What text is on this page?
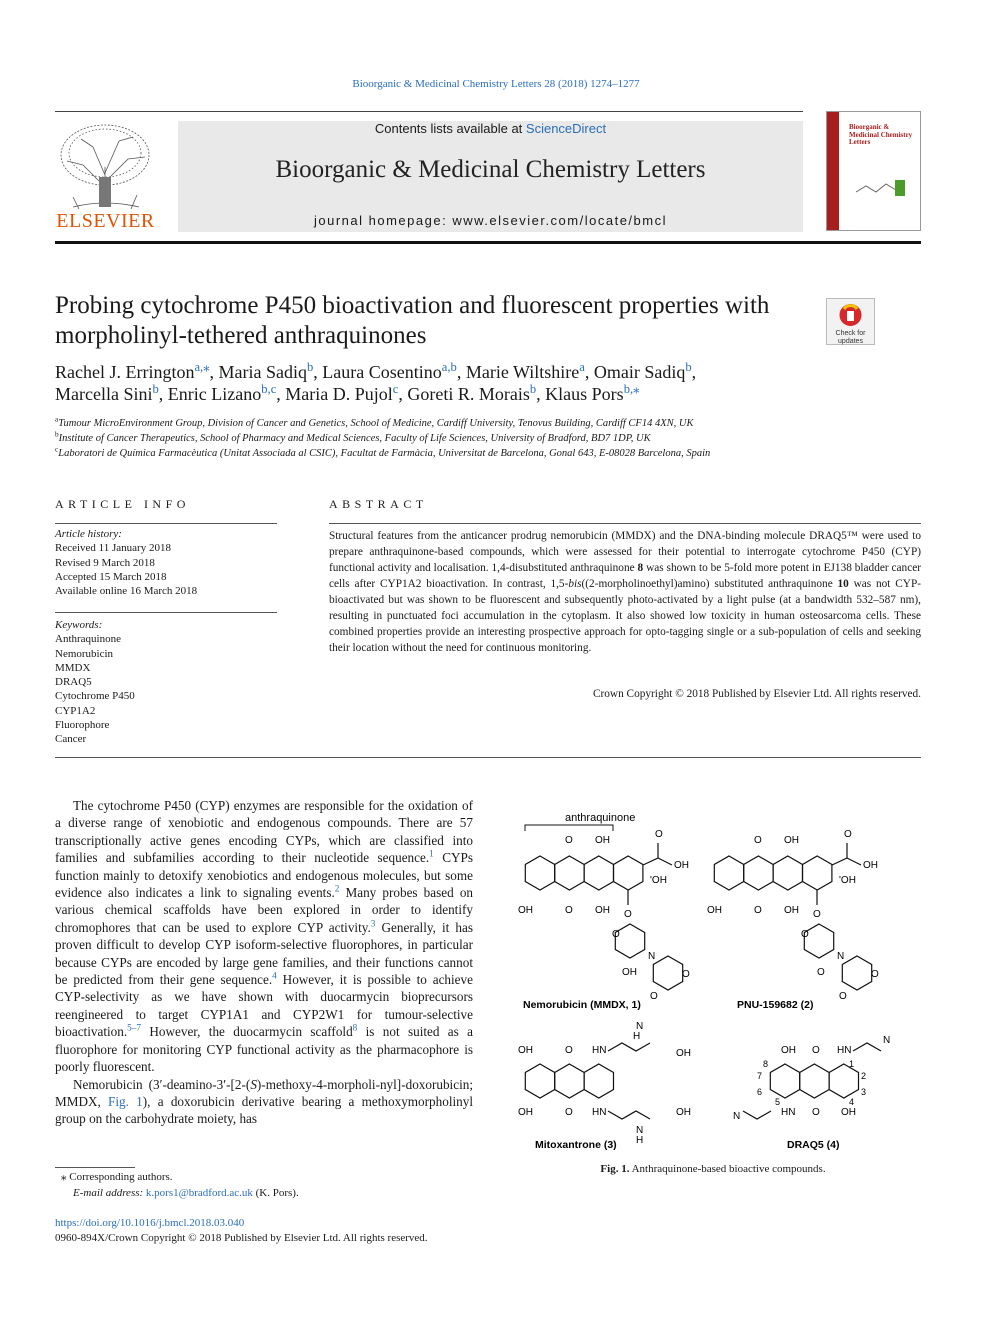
Bioorganic & Medicinal Chemistry Letters 28 (2018) 1274–1277
Contents lists available at ScienceDirect
Bioorganic & Medicinal Chemistry Letters
journal homepage: www.elsevier.com/locate/bmcl
ELSEVIER
Bioorganic & Medicinal Chemistry Letters
Probing cytochrome P450 bioactivation and fluorescent properties with morpholinyl-tethered anthraquinones	Check for
updates
Rachel J. Errington$^{a,⁎}$, Maria Sadiq$^b$, Laura Cosentino$^{a,b}$, Marie Wiltshire$^a$, Omair Sadiq$^b$,
Marcella Sini$^b$, Enric Lizano$^{b,c}$, Maria D. Pujol$^c$, Goreti R. Morais$^b$, Klaus Pors$^{b,⁎}$
$^a$Tumour MicroEnvironment Group, Division of Cancer and Genetics, School of Medicine, Cardiff University, Tenovus Building, Cardiff CF14 4XN, UK
$^b$Institute of Cancer Therapeutics, School of Pharmacy and Medical Sciences, Faculty of Life Sciences, University of Bradford, BD7 1DP, UK
$^c$Laboratori de Química Farmacèutica (Unitat Associada al CSIC), Facultat de Farmàcia, Universitat de Barcelona, Gonal 643, E-08028 Barcelona, Spain
ARTICLE INFO	ABSTRACT
Article history:
Received 11 January 2018
Revised 9 March 2018
Accepted 15 March 2018
Available online 16 March 2018
Keywords:
Anthraquinone
Nemorubicin
MMDX
DRAQ5
Cytochrome P450
CYP1A2
Fluorophore
Cancer
Structural features from the anticancer prodrug nemorubicin (MMDX) and the DNA-binding molecule DRAQ5™ were used to prepare anthraquinone-based compounds, which were assessed for their potential to interrogate cytochrome P450 (CYP) functional activity and localisation. 1,4-disubstituted anthraquinone 8 was shown to be 5-fold more potent in EJ138 bladder cancer cells after CYP1A2 bioactivation. In contrast, 1,5-bis((2-morpholinoethyl)amino) substituted anthraquinone 10 was not CYP-bioactivated but was shown to be fluorescent and subsequently photo-activated by a light pulse (at a bandwidth 532–587 nm), resulting in punctuated foci accumulation in the cytoplasm. It also showed low toxicity in human osteosarcoma cells. These combined properties provide an interesting prospective approach for opto-tagging single or a sub-population of cells and seeking their location without the need for continuous monitoring.
Crown Copyright © 2018 Published by Elsevier Ltd. All rights reserved.

The cytochrome P450 (CYP) enzymes are responsible for the oxidation of a diverse range of xenobiotic and endogenous compounds. There are 57 transcriptionally active genes encoding CYPs, which are classified into families and subfamilies according to their nucleotide sequence.$^1$ CYPs function mainly to detoxify xenobiotics and endogenous molecules, but some evidence also indicates a link to signaling events.$^2$ Many probes based on various chemical scaffolds have been explored in order to identify chromophores that can be used to explore CYP activity.$^3$ Generally, it has proven difficult to develop CYP isoform-selective fluorophores, in particular because CYPs are encoded by large gene families, and their functions cannot be predicted from their gene sequence.$^4$ However, it is possible to achieve CYP-selectivity as we have shown with duocarmycin bioprecursors reengineered to target CYP1A1 and CYP2W1 for tumour-selective bioactivation.$^{5-7}$ However, the duocarmycin scaffold$^8$ is not suited as a fluorophore for monitoring CYP functional activity as the pharmacophore is poorly fluorescent.

Nemorubicin (3′-deamino-3′-[2-(S)-methoxy-4-morpholi-nyl]-doxorubicin; MMDX, Fig. 1), a doxorubicin derivative bearing a methoxymorpholinyl group on the carbohydrate moiety, has

⁎ Corresponding authors.
E-mail address: k.pors1@bradford.ac.uk (K. Pors).
https://doi.org/10.1016/j.bmcl.2018.03.040
0960-894X/Crown Copyright © 2018 Published by Elsevier Ltd. All rights reserved.
anthraquinone
O OH
OH	O OH
O
OH
'OH
O
O
OH
N
O
O
Nemorubicin (MMDX, 1)
O OH
OH	O OH
O
OH
'OH
O
O
N
O
O
O
PNU-159682 (2)
OH	O HN
OH	O HN
H
N
OH
N
H
OH
Mitoxantrone (3)
OH O HN
HN O OH
8
7
6
5
1
2
3
4
N
N
DRAQ5 (4)
Fig. 1. Anthraquinone-based bioactive compounds.
